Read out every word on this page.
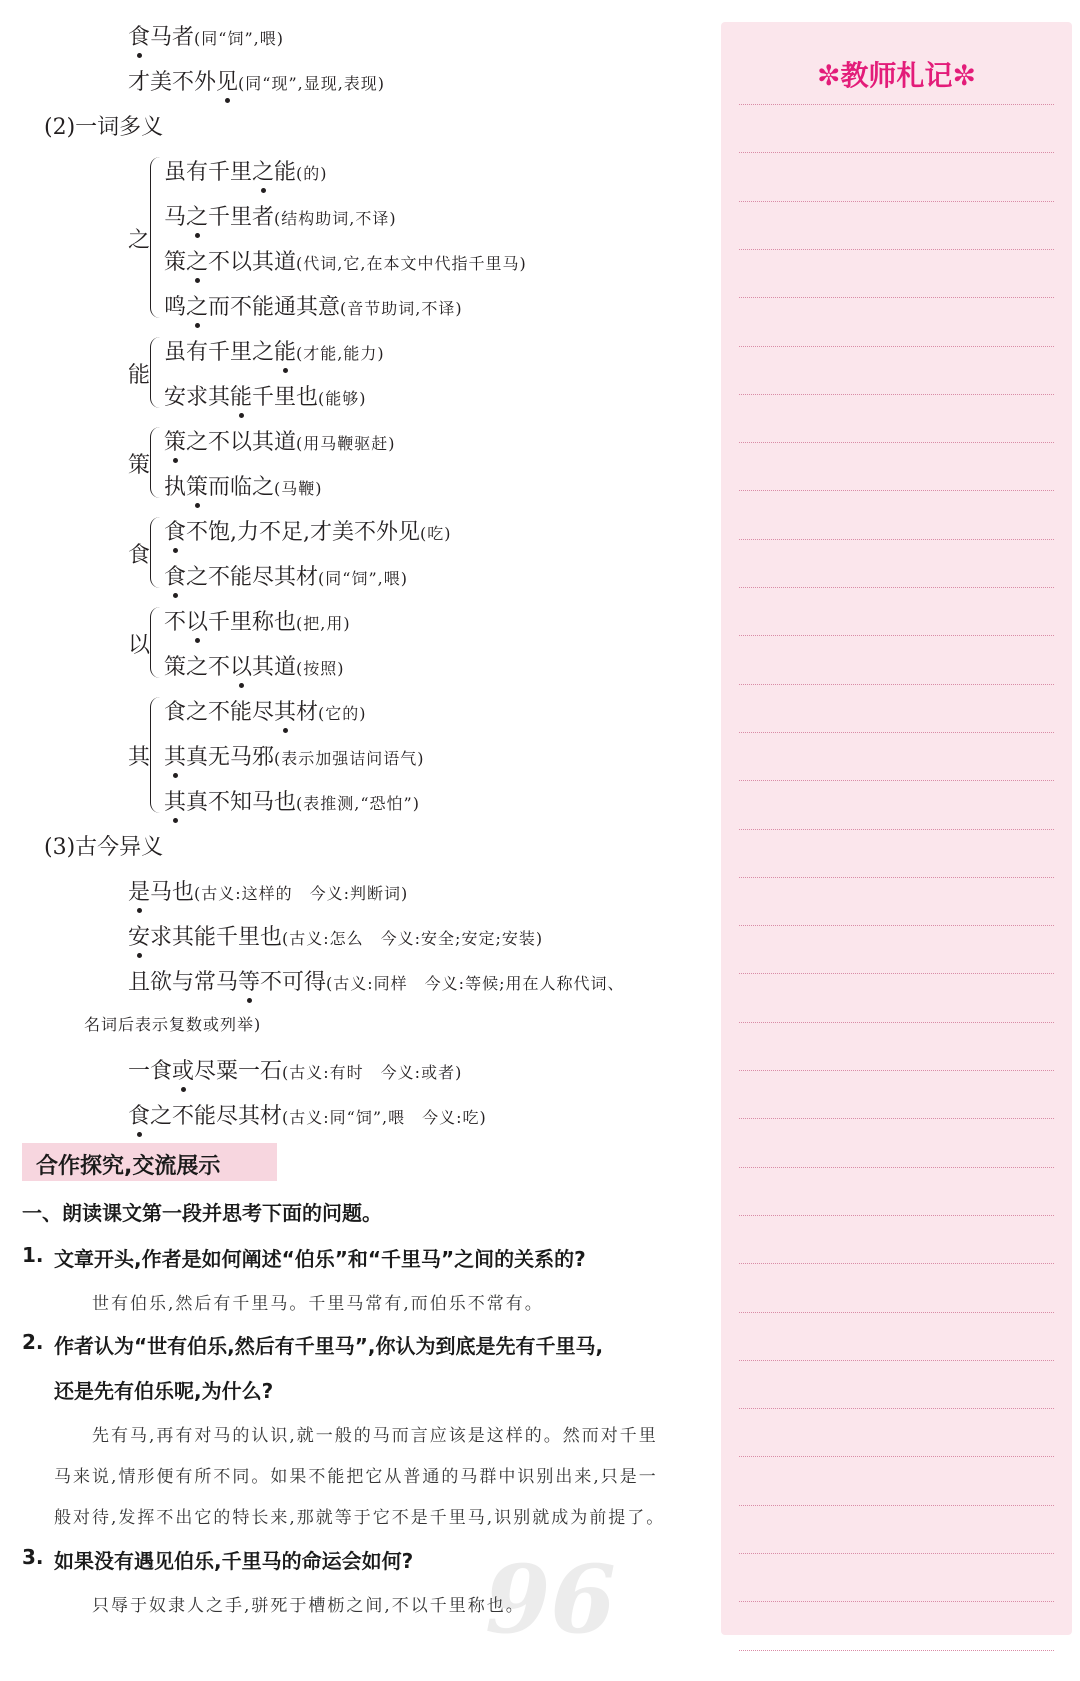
✼教师札记✼
96
食马者(同“饲”,喂)
才美不外见(同“现”,显现,表现)
(2)一词多义
之
虽有千里之能(的)
马之千里者(结构助词,不译)
策之不以其道(代词,它,在本文中代指千里马)
鸣之而不能通其意(音节助词,不译)
能
虽有千里之能(才能,能力)
安求其能千里也(能够)
策
策之不以其道(用马鞭驱赶)
执策而临之(马鞭)
食
食不饱,力不足,才美不外见(吃)
食之不能尽其材(同“饲”,喂)
以
不以千里称也(把,用)
策之不以其道(按照)
其
食之不能尽其材(它的)
其真无马邪(表示加强诘问语气)
其真不知马也(表推测,“恐怕”)
(3)古今异义
是马也(古义:这样的　今义:判断词)
安求其能千里也(古义:怎么　今义:安全;安定;安装)
且欲与常马等不可得(古义:同样　今义:等候;用在人称代词、
名词后表示复数或列举)
一食或尽粟一石(古义:有时　今义:或者)
食之不能尽其材(古义:同“饲”,喂　今义:吃)
合作探究,交流展示
一、朗读课文第一段并思考下面的问题。
1. 文章开头,作者是如何阐述“伯乐”和“千里马”之间的关系的?
世有伯乐,然后有千里马。千里马常有,而伯乐不常有。
2. 作者认为“世有伯乐,然后有千里马”,你认为到底是先有千里马,
还是先有伯乐呢,为什么?
先有马,再有对马的认识,就一般的马而言应该是这样的。然而对千里
马来说,情形便有所不同。如果不能把它从普通的马群中识别出来,只是一
般对待,发挥不出它的特长来,那就等于它不是千里马,识别就成为前提了。
3. 如果没有遇见伯乐,千里马的命运会如何?
只辱于奴隶人之手,骈死于槽枥之间,不以千里称也。
